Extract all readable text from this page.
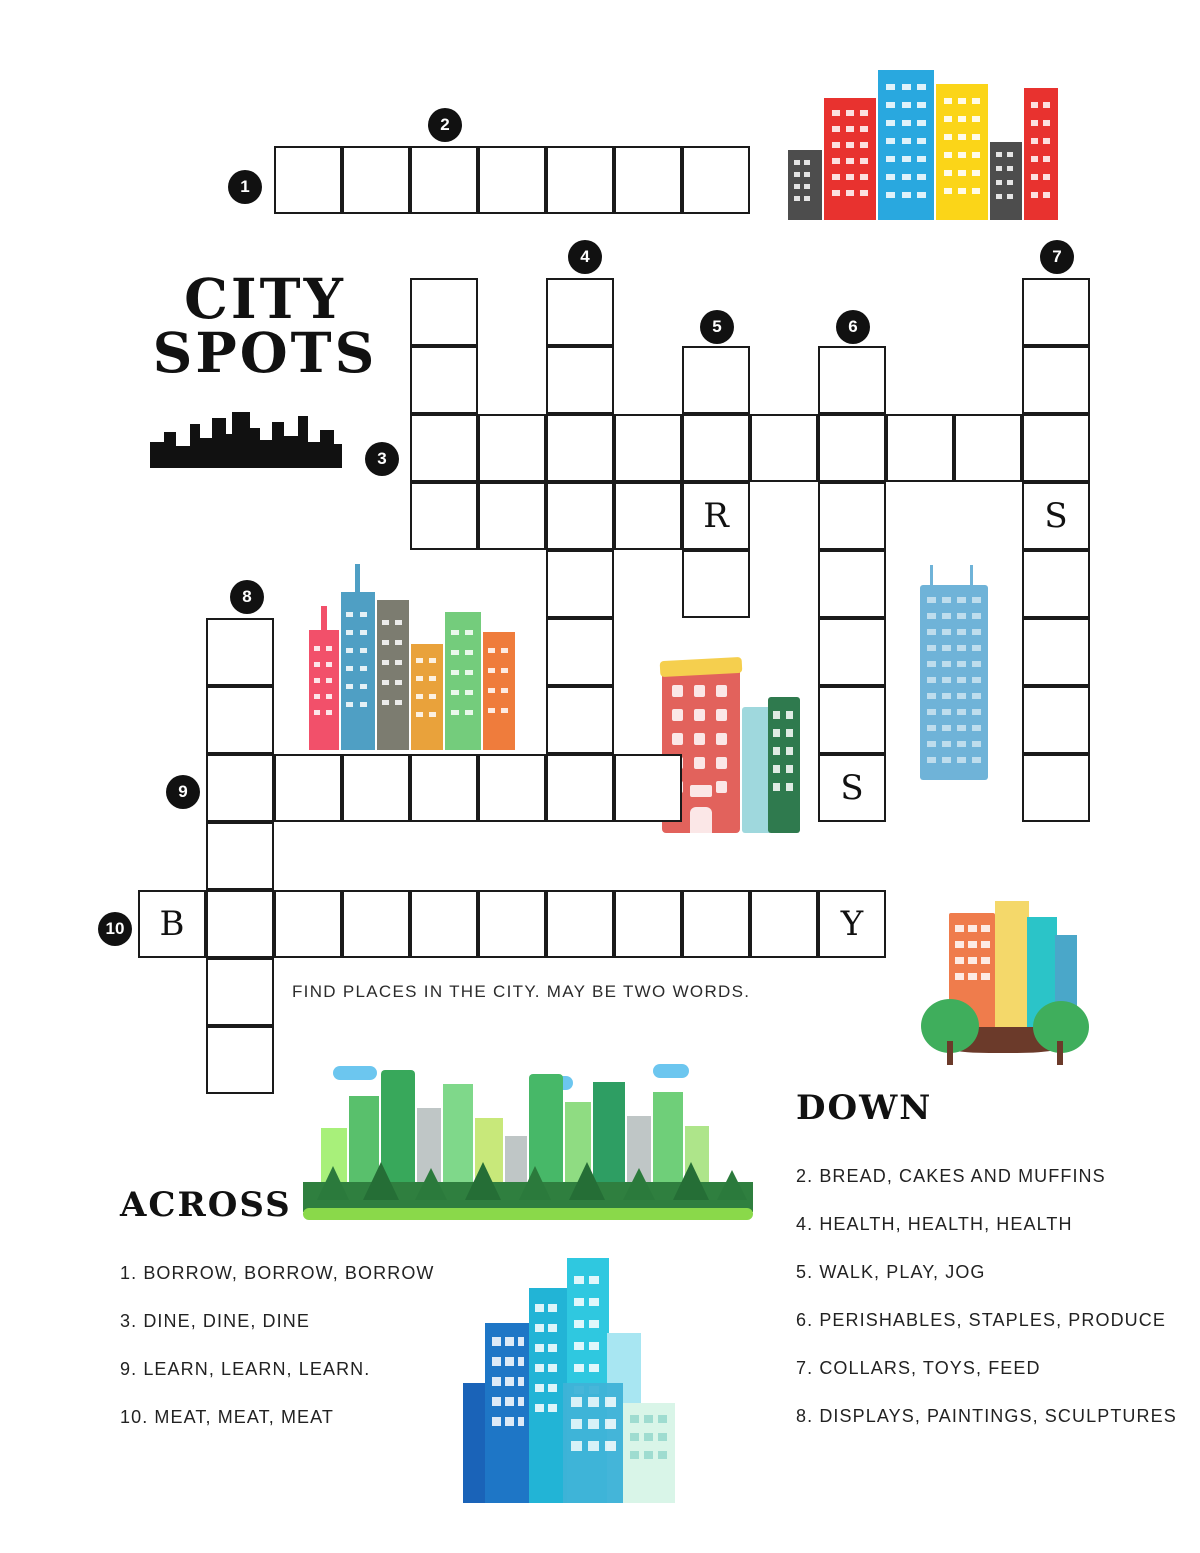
CITY
SPOTS
R	S
S
B	Y
1
2
3
4
5	6
7
8
9
10
FIND PLACES IN THE CITY. MAY BE TWO WORDS.
ACROSS
1. BORROW, BORROW, BORROW
3. DINE, DINE, DINE
9. LEARN, LEARN, LEARN.
10. MEAT, MEAT, MEAT
DOWN
2. BREAD, CAKES AND MUFFINS
4. HEALTH, HEALTH, HEALTH
5. WALK, PLAY, JOG
6. PERISHABLES, STAPLES, PRODUCE
7. COLLARS, TOYS, FEED
8. DISPLAYS, PAINTINGS, SCULPTURES
